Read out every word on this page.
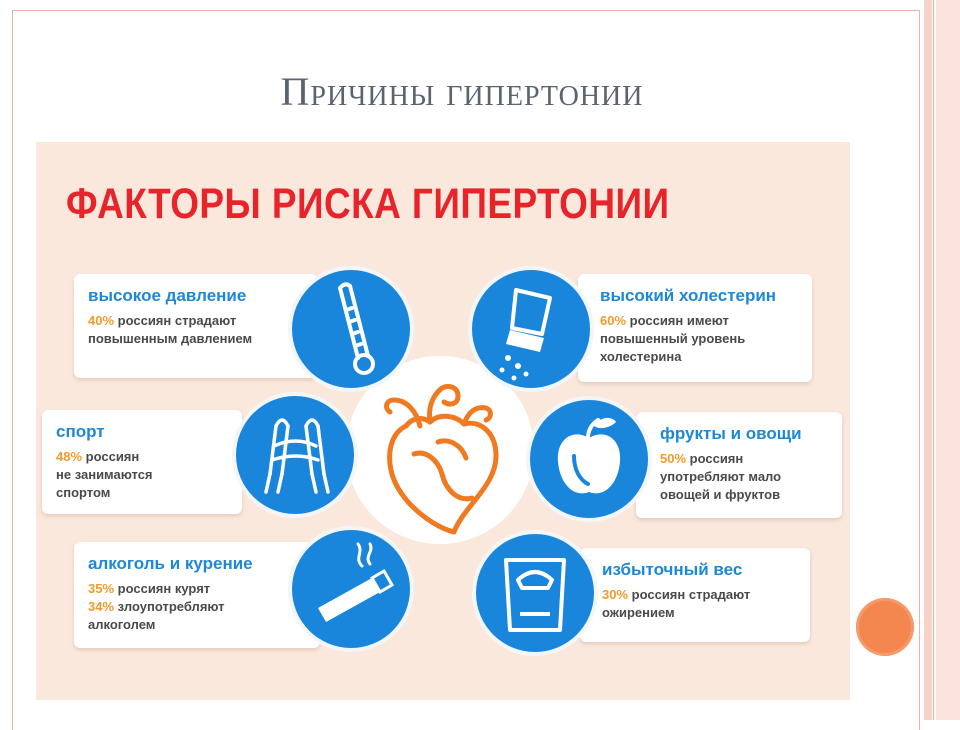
Причины гипертонии
ФАКТОРЫ РИСКА ГИПЕРТОНИИ
высокое давление
40% россиян страдают
повышенным давлением
высокий холестерин
60% россиян имеют
повышенный уровень
холестерина
спорт
48% россиян
не занимаются
спортом
фрукты и овощи
50% россиян
употребляют мало
овощей и фруктов
алкоголь и курение
35% россиян курят
34% злоупотребляют
алкоголем
избыточный вес
30% россиян страдают
ожирением
